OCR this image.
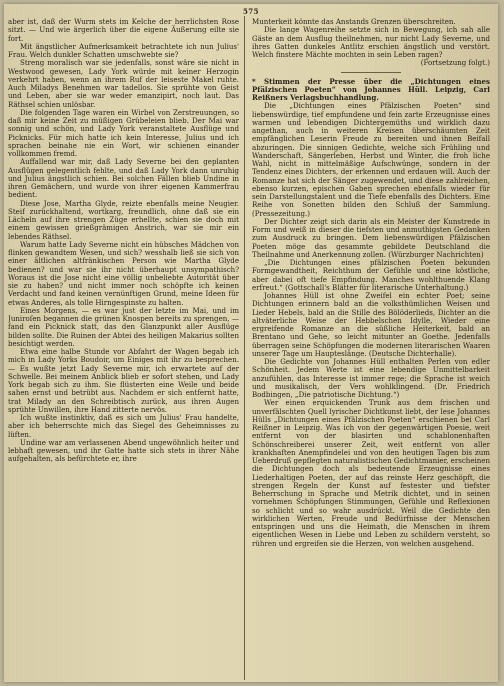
575

aber ist, daß der Wurm stets im Kelche der herrlichsten Rose sitzt. — Und wie ärgerlich über die eigene Äußerung eilte sie fort.

Mit ängstlicher Aufmerksamkeit betrachtete ich nun Julius' Frau. Welch dunkler Schatten umschwebte sie?

Streng moralisch war sie jedenfalls, sonst wäre sie nicht in Westwood gewesen, Lady York würde mit keiner Herzogin verkehrt haben, wenn an ihrem Ruf der leiseste Makel ruhte. Auch Miladys Benehmen war tadellos. Sie sprühte von Geist und Leben, aber sie war weder emanzipirt, noch laut. Das Räthsel schien unlösbar.

Die folgenden Tage waren ein Wirbel von Zerstreuungen, so daß mir keine Zeit zu müßigen Grübeleien blieb. Der Mai war sonnig und schön, und Lady York veranstaltete Ausflüge und Picknicks. Für mich hatte ich kein Interesse, Julius und ich sprachen beinahe nie ein Wort, wir schienen einander vollkommen fremd.

Auffallend war mir, daß Lady Severne bei den geplanten Ausflügen gelegentlich fehlte, und daß Lady York dann unruhig und Julius ängstlich schien. Bei solchen Fällen blieb Undine in ihren Gemächern, und wurde von ihrer eigenen Kammerfrau bedient.

Diese Jose, Martha Glyde, reizte ebenfalls meine Neugier. Steif zurückhaltend, wortkarg, freundlich, ohne daß sie ein Lächeln auf ihre strengen Züge erhellte, schien sie doch mit einem gewissen grießgrämigen Anstrich, war sie mir ein lebendes Räthsel.

Warum hatte Lady Severne nicht ein hübsches Mädchen von flinken gewandtem Wesen, und sich? wesshalb ließ sie sich von einer ältlichen altfränkischen Person wie Martha Glyde bedienen? und war sie ihr nicht überhaupt unsympathisch? Woraus ist die Jose nicht eine völlig unbeliebte Autorität über sie zu haben? und nicht immer noch schöpfte ich keinen Verdacht und fand keinen vernünftigen Grund, meine Ideen für etwas Anderes, als tolle Hirngespinste zu halten.

Eines Morgens, — es war just der letzte im Mai, und im Juniroſen begannen die grünen Knospen bereits zu sprengen, — fand ein Picknick statt, das den Glanzpunkt aller Ausflüge bilden sollte. Die Ruinen der Abtei des heiligen Makarius sollten besichtigt werden.

Etwa eine halbe Stunde vor Abfahrt der Wagen begab ich mich in Lady Yorks Boudoir, um Einiges mit ihr zu besprechen. — Es wußte jetzt Lady Severne mir, ich erwartete auf der Schwelle. Bei meinem Anblick blieb er sofort stehen, und Lady York begab sich zu ihm. Sie flüsterten eine Weile und beide sahen ernst und betrübt aus. Nachdem er sich entfernt hatte, trat Milady an den Schreibtisch zurück, aus ihren Augen sprühte Unwillen, ihre Hand zitterte nervös.

Ich wußte instinktiv, daß es sich um Julius' Frau handelte, aber ich beherrschte mich das Siegel des Geheimnisses zu lüften.

Undine war am verlassenen Abend ungewöhnlich heiter und lebhaft gewesen, und ihr Gatte hatte sich stets in ihrer Nähe aufgehalten, als befürchtete er, ihre

Munterkeit könnte das Anstands Grenzen überschreiten.

Die lange Wagenreihe setzte sich in Bewegung, ich sah alle Gäste an dem Ausflug theilnehmen, nur nicht Lady Severne, und ihres Gatten dunkeles Antlitz erschien ängstlich und verstört. Welch finstere Mächte mochten in sein Leben ragen?

(Fortsetzung folgt.)

* Stimmen der Presse über die „Dichtungen eines Pfälzischen Poeten“ von Johannes Hüll. Leipzig, Carl Reißners Verlagsbuchhandlung.

Die „Dichtungen eines Pfälzischen Poeten“ sind liebenswürdige, tief empfundene und fein zarte Erzeugnisse eines warmen und lebendigen Dichtergemüths und wirklich dazu angethan, auch in weiteren Kreisen überschäumten Zeit empfänglichen Leserin Freude zu bereiten und ihnen Beifall abzuringen. Die sinnigen Gedichte, welche sich Frühling und Wanderschaft, Sängerleben, Herbst und Winter, die froh liche Wahl, nicht in mittelmäßige Aufschwünge, sondern in der Tendenz eines Dichters, der erkennen und erdauen will. Auch der Romanze hat sich der Sänger zugewendet, und diese zahlreichen, ebenso kurzen, epischen Gaben sprechen ebenfalls wieder für sein Darstellungstalent und die Tiefe ebenfalls des Dichters. Eine Reihe von Sonetten bilden den Schluß der Sammlung. (Pressezeitung.)

Der Dichter zeigt sich darin als ein Meister der Kunstrede in Form und weiß in dieser die tiefsten und anmuthigsten Gedanken zum Ausdruck zu bringen. Dem liebenswürdigen Pfälzischen Poeten möge das gesammte gebildete Deutschland die Theilnahme und Anerkennung zollen. (Würzburger Nachrichten)

„Die Dichtungen eines pfälzischen Poeten bekunden Formgewandtheit, Reichthum der Gefühle und eine köstliche, aber dabei oft tiefe Empfindung. Manches wohlthuende Klang erfreut.“ (Gottschall's Blätter für literarische Unterhaltung.)

Johannes Hüll ist ohne Zweifel ein echter Poet; seine Dichtungen erinnern bald an die volksthümlichen Weisen und Lieder Hebels, bald an die Stille des Bölöderlieds, Dichter an die altväterliche Weise der Hebbelschen Idylle, Wieder eine ergreifende Romanze an die süßliche Heiterkeit, bald an Brentano und Gehe, so leicht mitunter an Goethe. Jedenfalls überragen seine Schöpfungen die modernen literarischen Waaren unserer Tage um Haupteslänge. (Deutsche Dichterhalle).

Die Gedichte von Johannes Hüll enthalten Perlen von edler Schönheit. Jedem Werte ist eine lebendige Unmittelbarkeit anzufühlen, das Interesse ist immer rege; die Sprache ist weich und musikalisch, der Vers wohlklingend. (Dr. Friedrich Bodbingen, „Die patriotische Dichtung.“)

Wer einen erquickenden Trunk aus dem frischen und unverfälschten Quell lyrischer Dichtkunst liebt, der lese Johannes Hülls „Dichtungen eines Pfälzischen Poeten“ erschienen bei Carl Reißner in Leipzig. Was ich von der gegenwärtigen Poesie, weit entfernt von der blasirten und schablonenhaften Schönschreiberei unserer Zeit, weit entfernt von aller krankhaften Anempfindelei und von den heutigen Tagen bis zum Ueberdruß gepflegten naturalistischen Gedichtmanier, erscheinen die Dichtungen doch als bedeutende Erzeugnisse eines Liederhaltigen Poeten, der auf das reinste Herz geschöpft, die strengen Regeln der Kunst auf festester und tiefster Beherrschung in Sprache und Metrik dichtet, und in seinen vornehmen Schöpfungen Stimmungen, Gefühle und Reflexionen so schlicht und so wahr ausdrückt. Weil die Gedichte den wirklichen Werten, Freude und Bedürfnisse der Menschen entspringen und uns die Heimath, die Menschen in ihrem eigentlichen Wesen in Liebe und Leben zu schildern versteht, so rühren und ergreifen sie die Herzen, von welchen ausgehend.
